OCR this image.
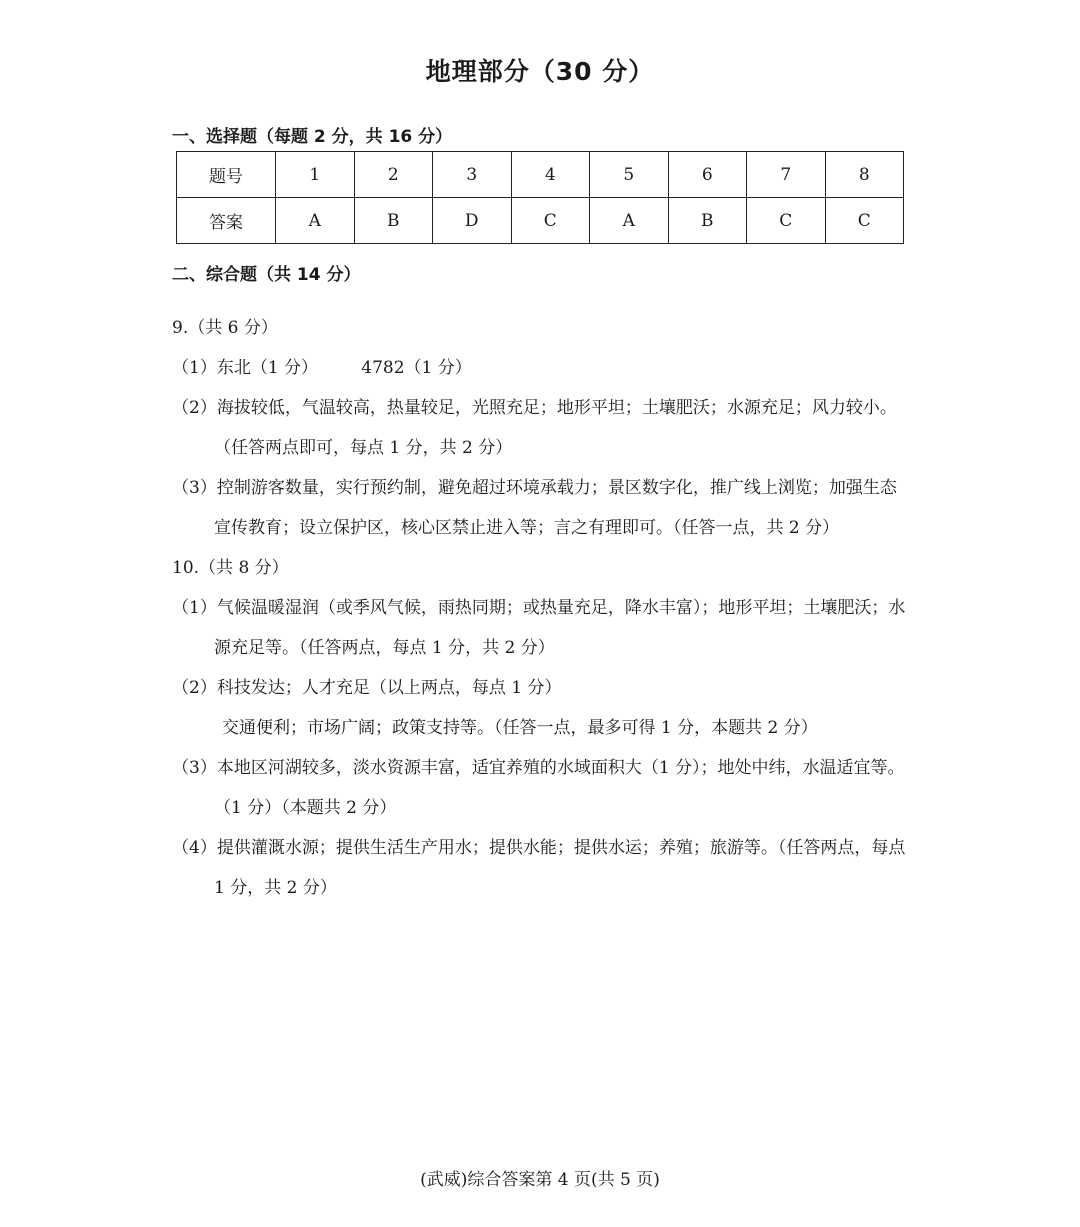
地理部分（30 分）
一、选择题（每题 2 分，共 16 分）
题号	1	2	3	4	5	6	7	8
答案	A	B	D	C	A	B	C	C
二、综合题（共 14 分）

9.（共 6 分）

（1）东北（1 分）        4782（1 分）

（2）海拔较低，气温较高，热量较足，光照充足；地形平坦；土壤肥沃；水源充足；风力较小。（任答两点即可，每点 1 分，共 2 分）

（3）控制游客数量，实行预约制，避免超过环境承载力；景区数字化，推广线上浏览；加强生态宣传教育；设立保护区，核心区禁止进入等；言之有理即可。（任答一点，共 2 分）

10.（共 8 分）

（1）气候温暖湿润（或季风气候，雨热同期；或热量充足，降水丰富）；地形平坦；土壤肥沃；水源充足等。（任答两点，每点 1 分，共 2 分）

（2）科技发达；人才充足（以上两点，每点 1 分）

交通便利；市场广阔；政策支持等。（任答一点，最多可得 1 分，本题共 2 分）

（3）本地区河湖较多，淡水资源丰富，适宜养殖的水域面积大（1 分）；地处中纬，水温适宜等。（1 分）（本题共 2 分）

（4）提供灌溉水源；提供生活生产用水；提供水能；提供水运；养殖；旅游等。（任答两点，每点 1 分，共 2 分）

(武威)综合答案第 4 页(共 5 页)
